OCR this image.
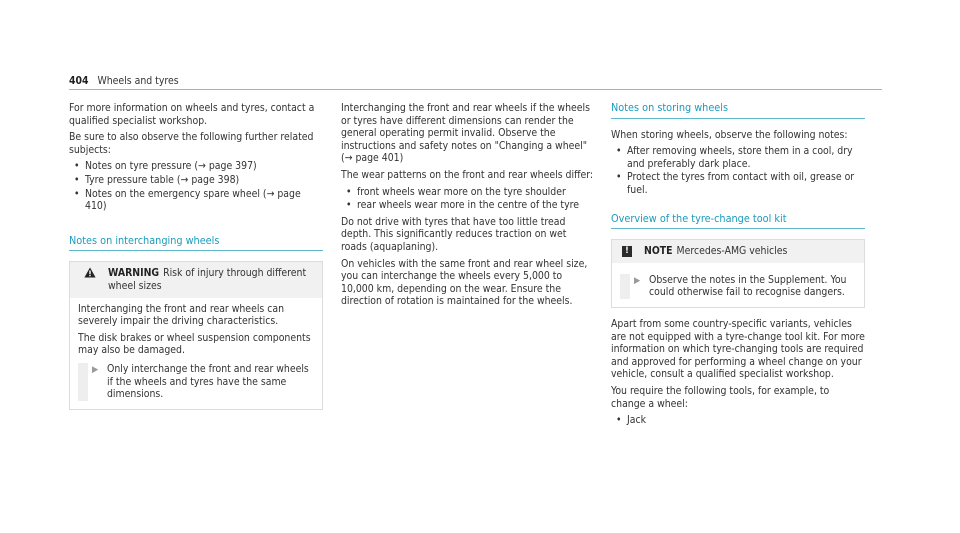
404 Wheels and tyres

For more information on wheels and tyres, contact a qualified specialist workshop.

Be sure to also observe the following further related subjects:

• Notes on tyre pressure (→ page 397)
• Tyre pressure table (→ page 398)
• Notes on the emergency spare wheel (→ page 410)
Notes on interchanging wheels
WARNING Risk of injury through different wheel sizes

Interchanging the front and rear wheels can severely impair the driving characteristics.

The disk brakes or wheel suspension components may also be damaged.

▶ Only interchange the front and rear wheels if the wheels and tyres have the same dimensions.

Interchanging the front and rear wheels if the wheels or tyres have different dimensions can render the general operating permit invalid. Observe the instructions and safety notes on "Changing a wheel" (→ page 401)

The wear patterns on the front and rear wheels differ:

• front wheels wear more on the tyre shoulder
• rear wheels wear more in the centre of the tyre

Do not drive with tyres that have too little tread depth. This significantly reduces traction on wet roads (aquaplaning).

On vehicles with the same front and rear wheel size, you can interchange the wheels every 5,000 to 10,000 km, depending on the wear. Ensure the direction of rotation is maintained for the wheels.

Notes on storing wheels

When storing wheels, observe the following notes:

• After removing wheels, store them in a cool, dry and preferably dark place.
• Protect the tyres from contact with oil, grease or fuel.
Overview of the tyre-change tool kit
!	NOTE Mercedes-AMG vehicles
▶ Observe the notes in the Supplement. You could otherwise fail to recognise dangers.

Apart from some country-specific variants, vehicles are not equipped with a tyre-change tool kit. For more information on which tyre-changing tools are required and approved for performing a wheel change on your vehicle, consult a qualified specialist workshop.

You require the following tools, for example, to change a wheel:

• Jack
